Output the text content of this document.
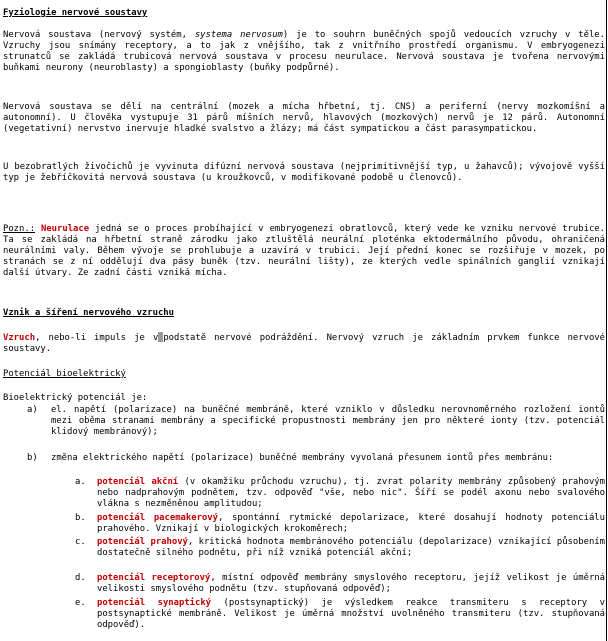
Fyziologie nervové soustavy

Nervová soustava (nervový systém, systema nervosum) je to souhrn buněčných spojů vedoucích vzruchy v těle. Vzruchy jsou snímány receptory, a to jak z vnějšího, tak z vnitřního prostředí organismu. V embryogenezi strunatců se zakládá trubicová nervová soustava v procesu neurulace. Nervová soustava je tvořena nervovými buňkami neurony (neuroblasty) a spongioblasty (buňky podpůrné).

Nervová soustava se dělí na centrální (mozek a mícha hřbetní, tj. CNS) a periferní (nervy mozkomíšní a autonomní). U člověka vystupuje 31 párů míšních nervů, hlavových (mozkových) nervů je 12 párů. Autonomní (vegetativní) nervstvo inervuje hladké svalstvo a žlázy; má část sympatickou a část parasympatickou.

U bezobratlých živočichů je vyvinuta difúzní nervová soustava (nejprimitivnější typ, u žahavců); vývojově vyšší typ je žebříčkovitá nervová soustava (u kroužkovců, v modifikované podobě u členovců).

Pozn.: Neurulace jedná se o proces probíhající v embryogenezi obratlovců, který vede ke vzniku nervové trubice. Ta se zakládá na hřbetní straně zárodku jako ztluštělá neurální ploténka ektodermálního původu, ohraničená neurálními valy. Během vývoje se prohlubuje a uzavírá v trubici. Její přední konec se rozšiřuje v mozek, po stranách se z ní oddělují dva pásy buněk (tzv. neurální lišty), ze kterých vedle spinálních ganglií vznikají další útvary. Ze zadní části vzniká mícha.

Vznik a šíření nervového vzruchu

Vzruch, nebo-li impuls je v podstatě nervové podráždění. Nervový vzruch je základním prvkem funkce nervové soustavy.

Potenciál bioelektrický

Bioelektrický potenciál je:

a) el. napětí (polarizace) na buněčné membráně, které vzniklo v důsledku nerovnoměrného rozložení iontů mezi oběma stranami membrány a specifické propustnosti membrány jen pro některé ionty (tzv. potenciál klidový membránový);

b) změna elektrického napětí (polarizace) buněčné membrány vyvolaná přesunem iontů přes membránu:

a. potenciál akční (v okamžiku průchodu vzruchu), tj. zvrat polarity membrány způsobený prahovým nebo nadprahovým podnětem, tzv. odpověď "vše, nebo nic". Šíří se podél axonu nebo svalového vlákna s nezměněnou amplitudou;

b. potenciál pacemakerový, spontánní rytmické depolarizace, které dosahují hodnoty potenciálu prahového. Vznikají v biologických krokoměrech;

c. potenciál prahový, kritická hodnota membránového potenciálu (depolarizace) vznikající působením dostatečně silného podnětu, při níž vzniká potenciál akční;

d. potenciál receptorový, místní odpověď membrány smyslového receptoru, jejíž velikost je úměrná velikosti smyslového podnětu (tzv. stupňovaná odpověď);

e. potenciál synaptický (postsynaptický) je výsledkem reakce transmiteru s receptory v postsynaptické membráně. Velikost je úměrná množství uvolněného transmiteru (tzv. stupňovaná odpověď).
